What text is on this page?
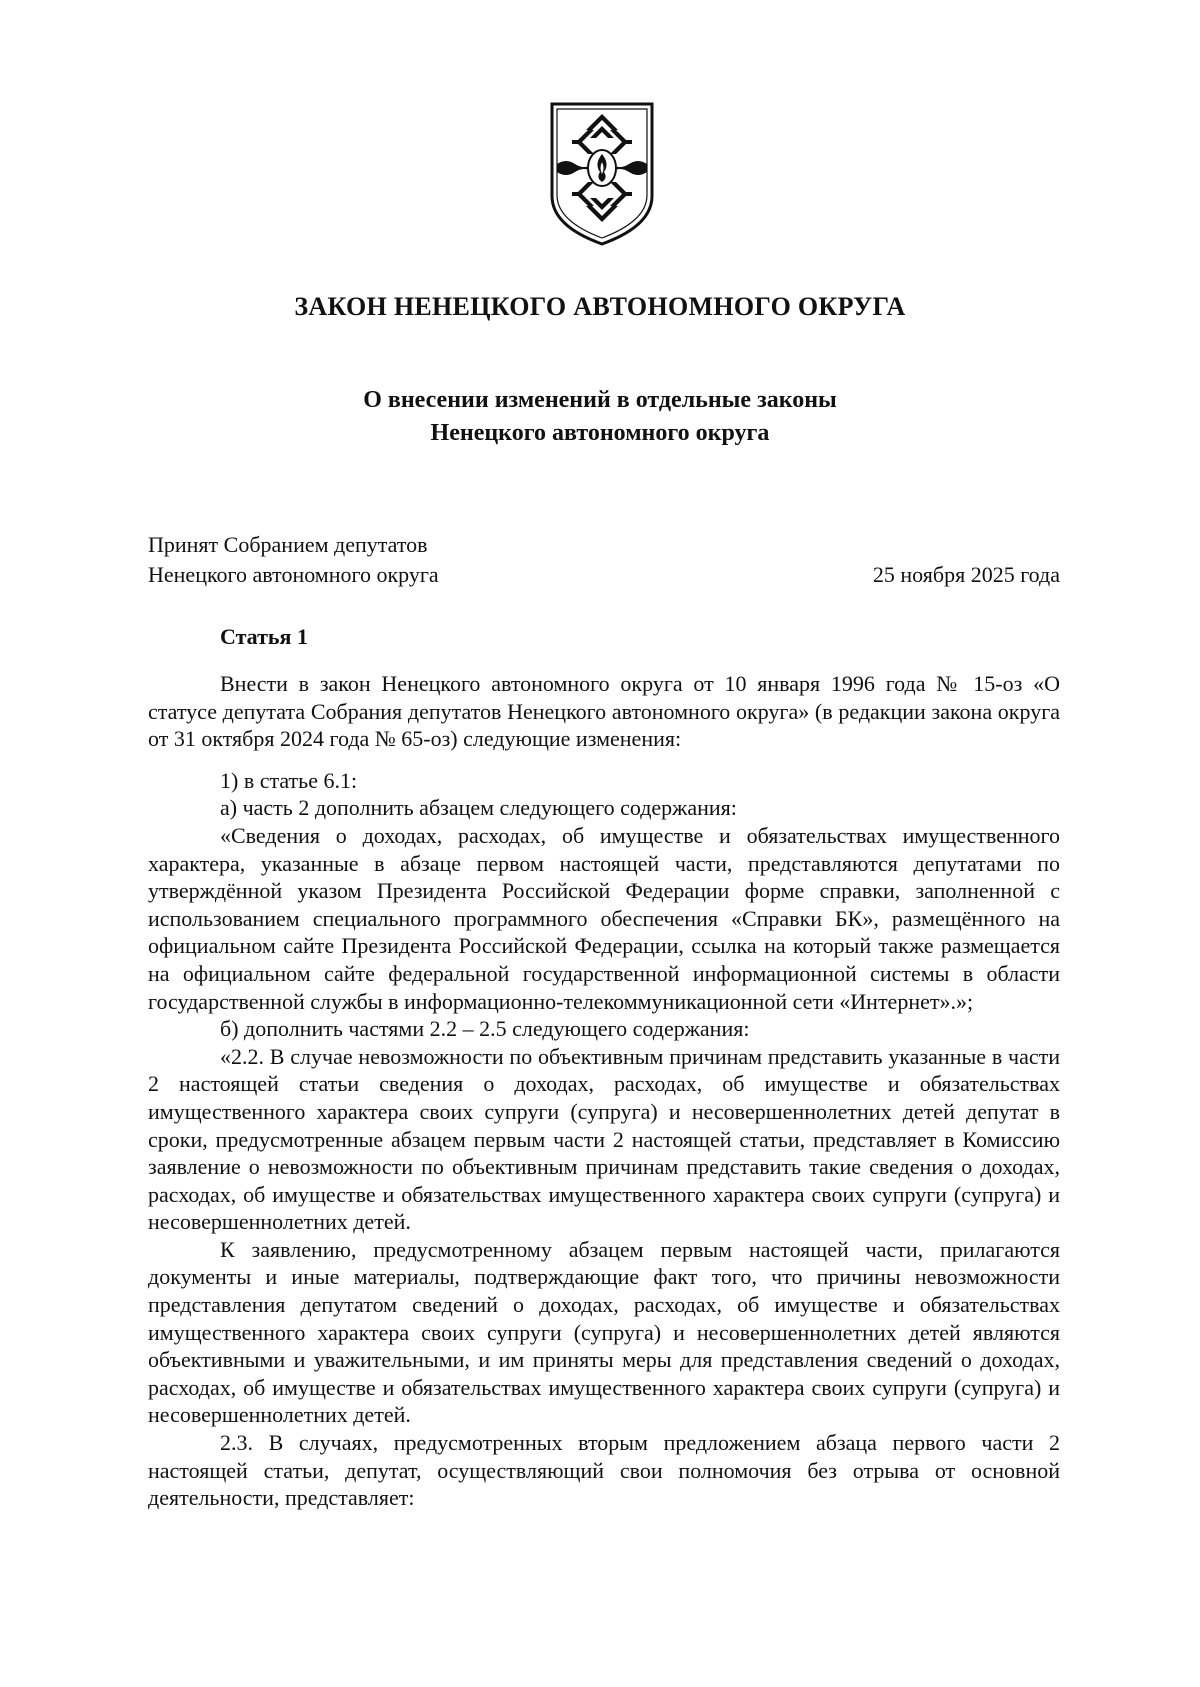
ЗАКОН НЕНЕЦКОГО АВТОНОМНОГО ОКРУГА
О внесении изменений в отдельные законы
Ненецкого автономного округа
Принят Собранием депутатов
Ненецкого автономного округа	25 ноября 2025 года
Статья 1

Внести в закон Ненецкого автономного округа от 10 января 1996 года № 15-оз «О статусе депутата Собрания депутатов Ненецкого автономного округа» (в редакции закона округа от 31 октября 2024 года № 65-оз) следующие изменения:

1) в статье 6.1:

а) часть 2 дополнить абзацем следующего содержания:

«Сведения о доходах, расходах, об имуществе и обязательствах имущественного характера, указанные в абзаце первом настоящей части, представляются депутатами по утверждённой указом Президента Российской Федерации форме справки, заполненной с использованием специального программного обеспечения «Справки БК», размещённого на официальном сайте Президента Российской Федерации, ссылка на который также размещается на официальном сайте федеральной государственной информационной системы в области государственной службы в информационно-телекоммуникационной сети «Интернет».»;

б) дополнить частями 2.2 – 2.5 следующего содержания:

«2.2. В случае невозможности по объективным причинам представить указанные в части 2 настоящей статьи сведения о доходах, расходах, об имуществе и обязательствах имущественного характера своих супруги (супруга) и несовершеннолетних детей депутат в сроки, предусмотренные абзацем первым части 2 настоящей статьи, представляет в Комиссию заявление о невозможности по объективным причинам представить такие сведения о доходах, расходах, об имуществе и обязательствах имущественного характера своих супруги (супруга) и несовершеннолетних детей.

К заявлению, предусмотренному абзацем первым настоящей части, прилагаются документы и иные материалы, подтверждающие факт того, что причины невозможности представления депутатом сведений о доходах, расходах, об имуществе и обязательствах имущественного характера своих супруги (супруга) и несовершеннолетних детей являются объективными и уважительными, и им приняты меры для представления сведений о доходах, расходах, об имуществе и обязательствах имущественного характера своих супруги (супруга) и несовершеннолетних детей.

2.3. В случаях, предусмотренных вторым предложением абзаца первого части 2 настоящей статьи, депутат, осуществляющий свои полномочия без отрыва от основной деятельности, представляет:
